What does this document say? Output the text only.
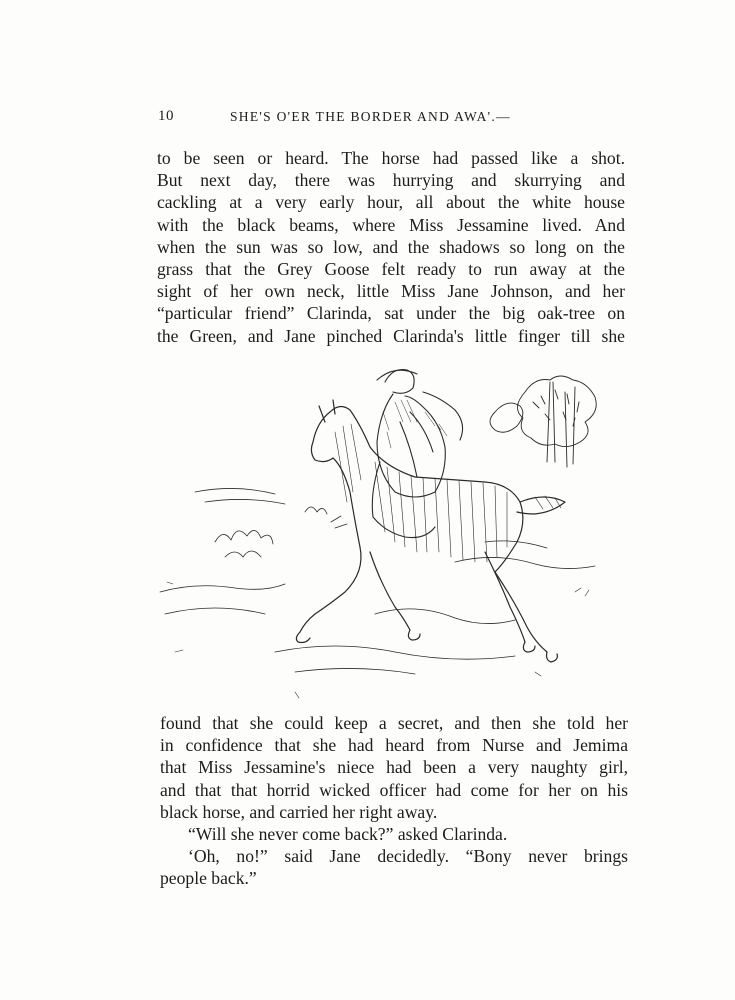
10	SHE'S O'ER THE BORDER AND AWA'.—
to be seen or heard. The horse had passed like a shot.
But next day, there was hurrying and skurrying and
cackling at a very early hour, all about the white house
with the black beams, where Miss Jessamine lived. And
when the sun was so low, and the shadows so long on the
grass that the Grey Goose felt ready to run away at the
sight of her own neck, little Miss Jane Johnson, and her
“particular friend” Clarinda, sat under the big oak-tree on
the Green, and Jane pinched Clarinda's little finger till she
found that she could keep a secret, and then she told her
in confidence that she had heard from Nurse and Jemima
that Miss Jessamine's niece had been a very naughty girl,
and that that horrid wicked officer had come for her on his
black horse, and carried her right away.
“Will she never come back?” asked Clarinda.
‘Oh, no!” said Jane decidedly. “Bony never brings
people back.”
